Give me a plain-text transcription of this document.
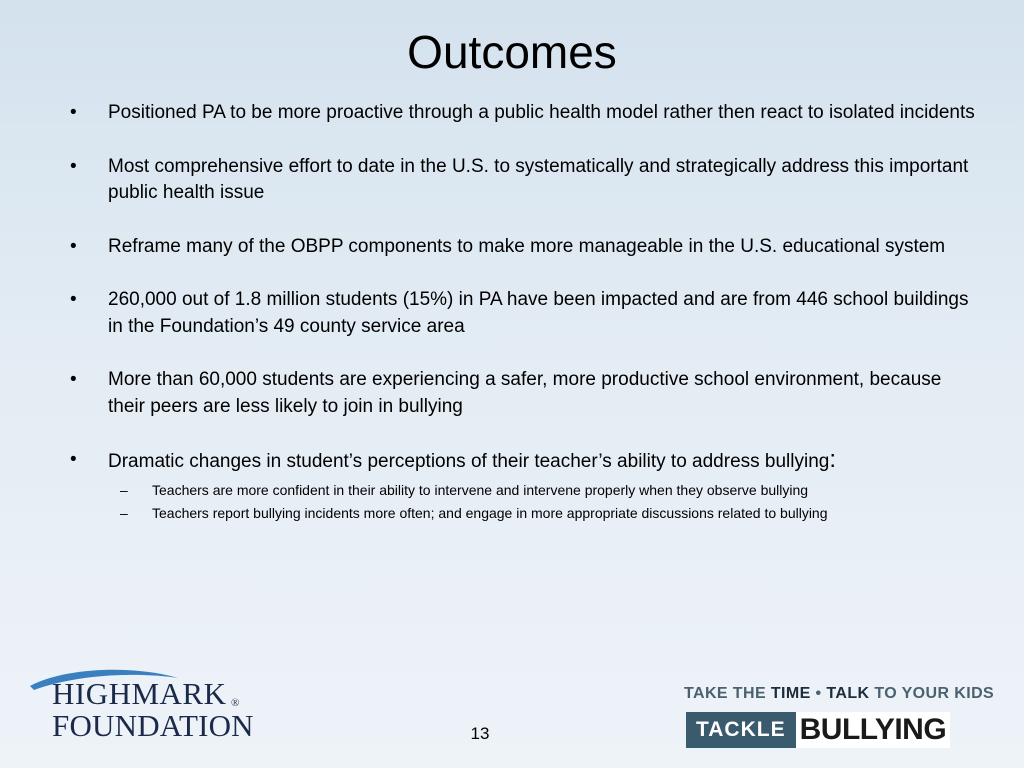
Outcomes
• Positioned PA to be more proactive through a public health model rather then react to isolated incidents
• Most comprehensive effort to date in the U.S. to systematically and strategically address this important public health issue
• Reframe many of the OBPP components to make more manageable in the U.S. educational system
• 260,000 out of 1.8 million students (15%) in PA have been impacted and are from 446 school buildings in the Foundation’s 49 county service area
• More than 60,000 students are experiencing a safer, more productive school environment, because their peers are less likely to join in bullying
• Dramatic changes in student’s perceptions of their teacher’s ability to address bullying:
– Teachers are more confident in their ability to intervene and intervene properly when they observe bullying
– Teachers report bullying incidents more often; and engage in more appropriate discussions related to bullying
HIGHMARK ®
FOUNDATION	13
TAKE THE TIME • TALK TO YOUR KIDS
TACKLE BULLYING
